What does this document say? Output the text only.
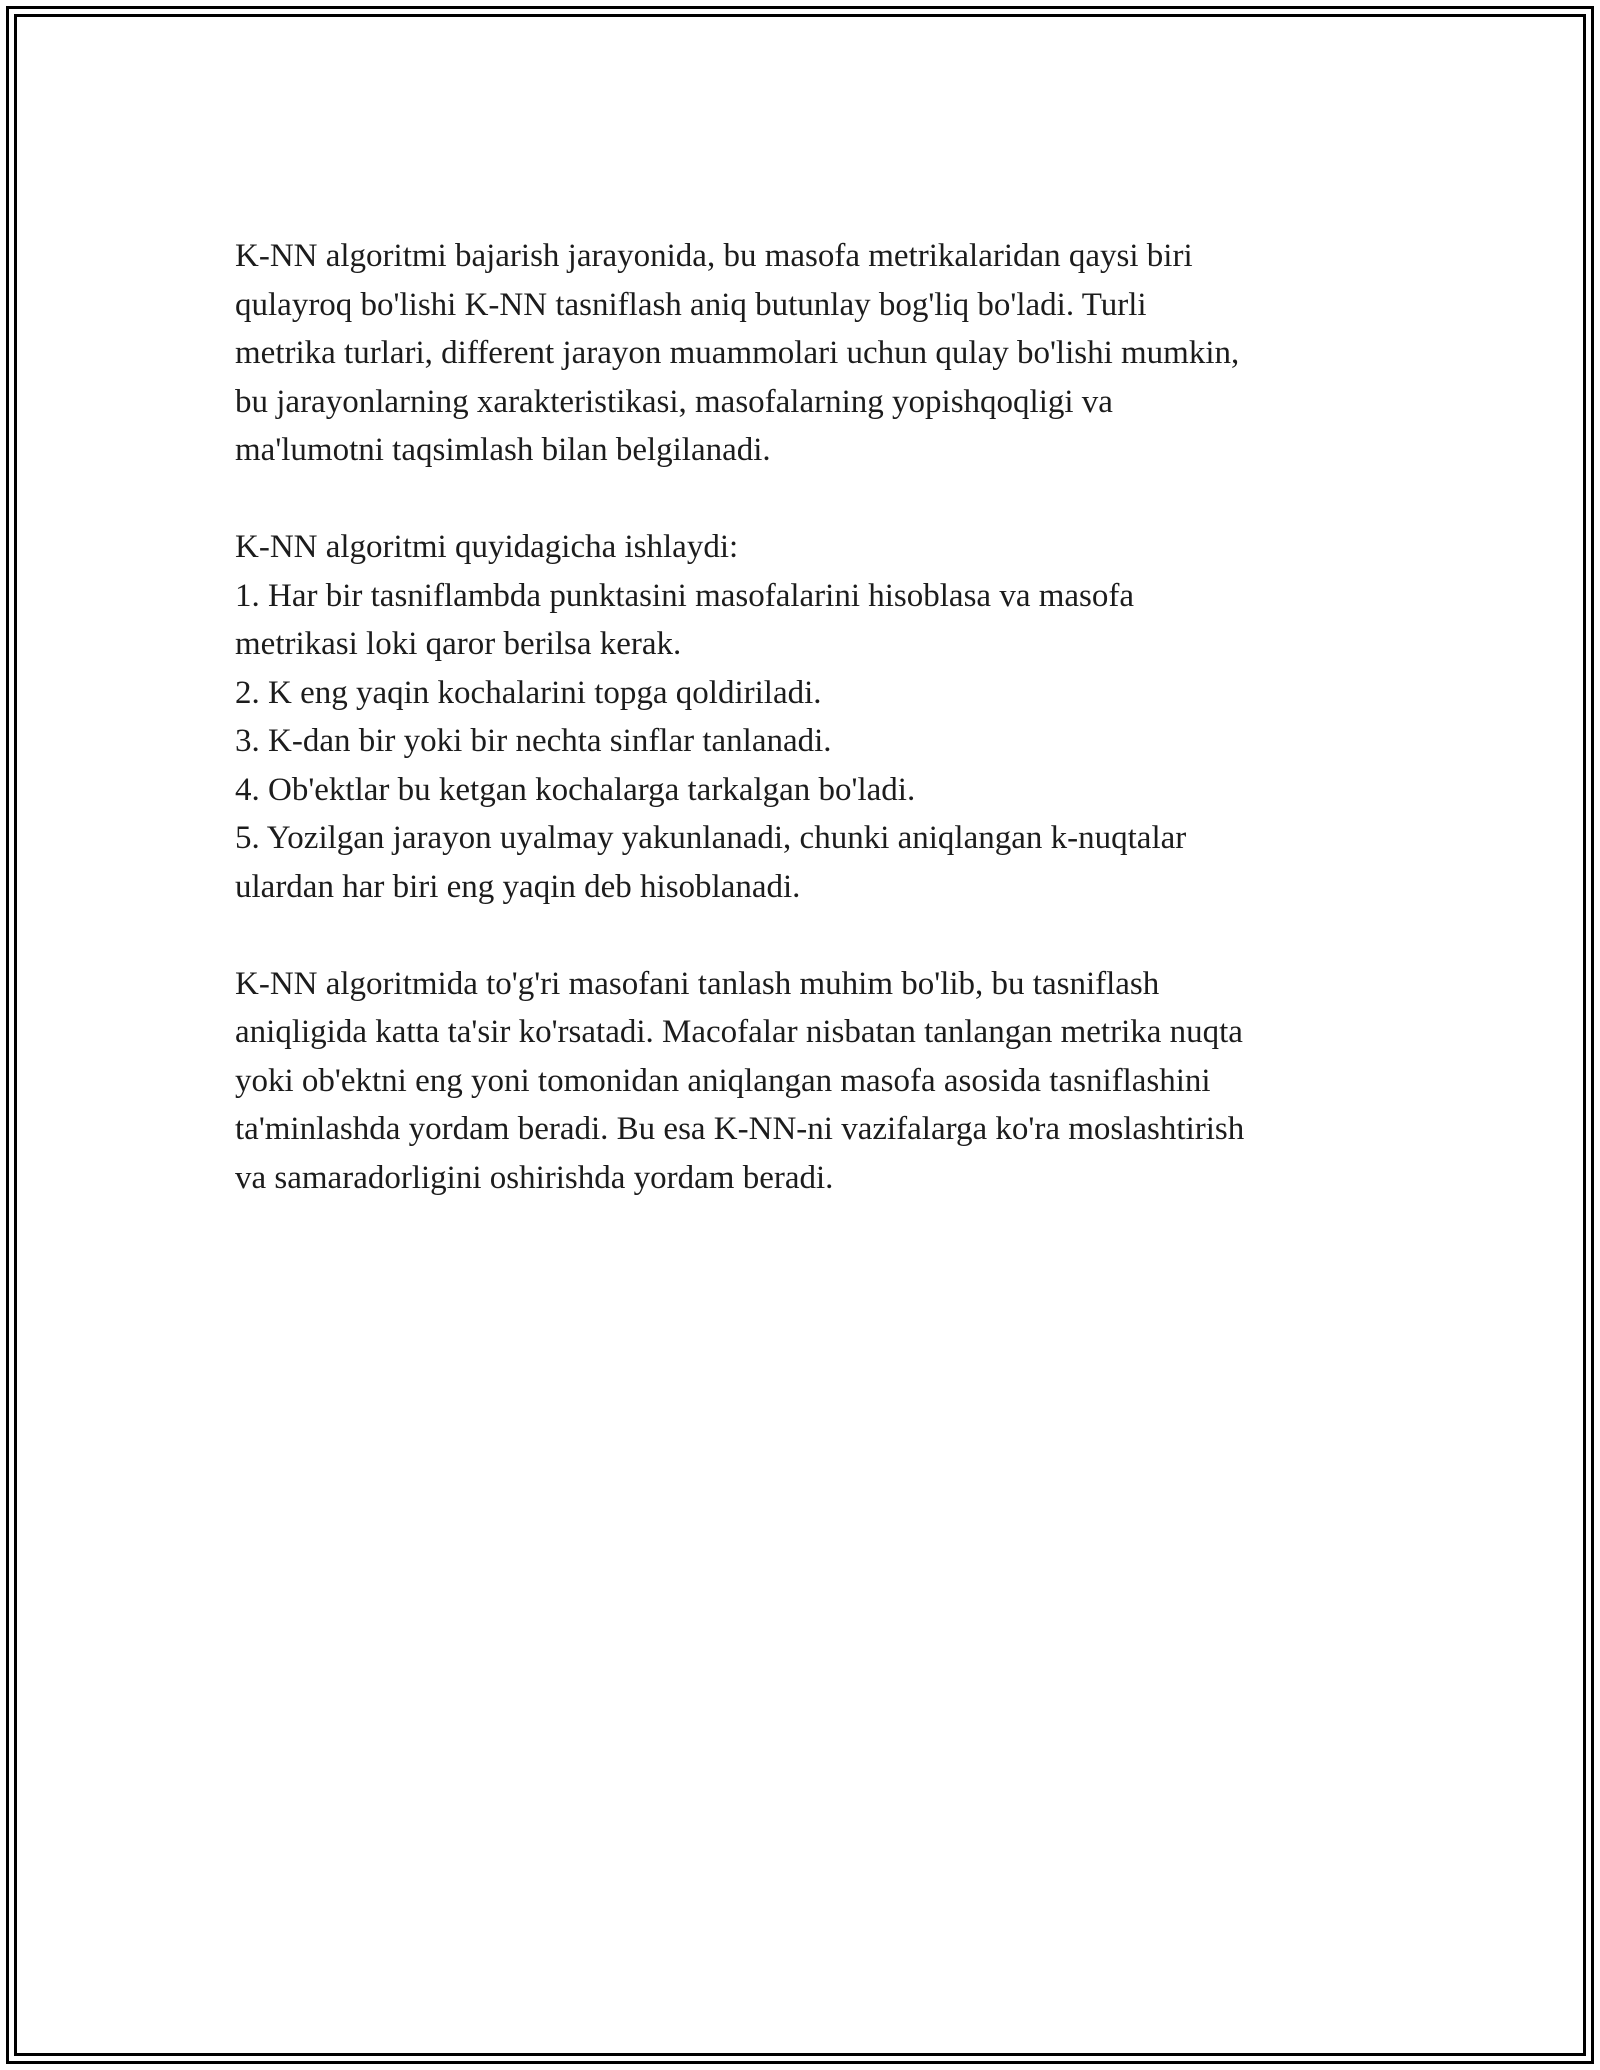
K-NN algoritmi bajarish jarayonida, bu masofa metrikalaridan qaysi biri
qulayroq bo'lishi K-NN tasniflash aniq butunlay bog'liq bo'ladi. Turli
metrika turlari, different jarayon muammolari uchun qulay bo'lishi mumkin,
bu jarayonlarning xarakteristikasi, masofalarning yopishqoqligi va
ma'lumotni taqsimlash bilan belgilanadi.
K-NN algoritmi quyidagicha ishlaydi:
1. Har bir tasniflambda punktasini masofalarini hisoblasa va masofa
metrikasi loki qaror berilsa kerak.
2. K eng yaqin kochalarini topga qoldiriladi.
3. K-dan bir yoki bir nechta sinflar tanlanadi.
4. Ob'ektlar bu ketgan kochalarga tarkalgan bo'ladi.
5. Yozilgan jarayon uyalmay yakunlanadi, chunki aniqlangan k-nuqtalar
ulardan har biri eng yaqin deb hisoblanadi.
K-NN algoritmida to'g'ri masofani tanlash muhim bo'lib, bu tasniflash
aniqligida katta ta'sir ko'rsatadi. Macofalar nisbatan tanlangan metrika nuqta
yoki ob'ektni eng yoni tomonidan aniqlangan masofa asosida tasniflashini
ta'minlashda yordam beradi. Bu esa K-NN-ni vazifalarga ko'ra moslashtirish
va samaradorligini oshirishda yordam beradi.
